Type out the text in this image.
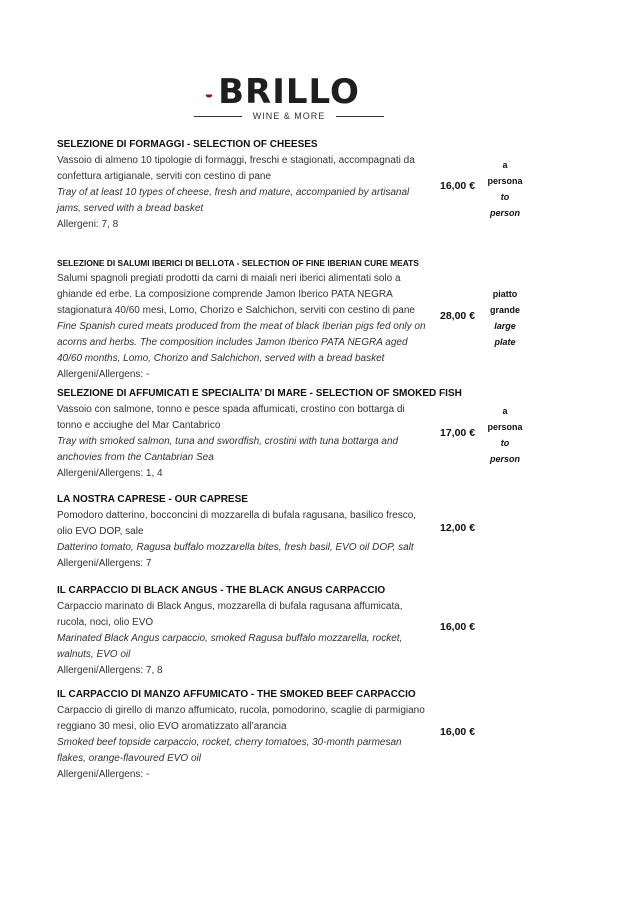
BRILLO
WINE & MORE
SELEZIONE DI FORMAGGI - SELECTION OF CHEESES
Vassoio di almeno 10 tipologie di formaggi, freschi e stagionati, accompagnati da confettura artigianale, serviti con cestino di pane
Tray of at least 10 types of cheese, fresh and mature, accompanied by artisanal jams, served with a bread basket
Allergeni: 7, 8
16,00 €
a
persona
to
person
SELEZIONE DI SALUMI IBERICI DI BELLOTA - SELECTION OF FINE IBERIAN CURE MEATS
Salumi spagnoli pregiati prodotti da carni di maiali neri iberici alimentati solo a ghiande ed erbe. La composizione comprende Jamon Iberico PATA NEGRA stagionatura 40/60 mesi, Lomo, Chorizo e Salchichon, serviti con cestino di pane
Fine Spanish cured meats produced from the meat of black Iberian pigs fed only on acorns and herbs. The composition includes Jamon Iberico PATA NEGRA aged 40/60 months, Lomo, Chorizo and Salchichon, served with a bread basket
Allergeni/Allergens: -
28,00 €
piatto
grande
large
plate
SELEZIONE DI AFFUMICATI E SPECIALITA’ DI MARE - SELECTION OF SMOKED FISH
Vassoio con salmone, tonno e pesce spada affumicati, crostino con bottarga di tonno e acciughe del Mar Cantabrico
Tray with smoked salmon, tuna and swordfish, crostini with tuna bottarga and anchovies from the Cantabrian Sea
Allergeni/Allergens: 1, 4
17,00 €
a
persona
to
person
LA NOSTRA CAPRESE - OUR CAPRESE
Pomodoro datterino, bocconcini di mozzarella di bufala ragusana, basilico fresco, olio EVO DOP, sale
Datterino tomato, Ragusa buffalo mozzarella bites, fresh basil, EVO oil DOP, salt
Allergeni/Allergens: 7
12,00 €
IL CARPACCIO DI BLACK ANGUS - THE BLACK ANGUS CARPACCIO
Carpaccio marinato di Black Angus, mozzarella di bufala ragusana affumicata, rucola, noci, olio EVO
Marinated Black Angus carpaccio, smoked Ragusa buffalo mozzarella, rocket, walnuts, EVO oil
Allergeni/Allergens: 7, 8
16,00 €
IL CARPACCIO DI MANZO AFFUMICATO - THE SMOKED BEEF CARPACCIO
Carpaccio di girello di manzo affumicato, rucola, pomodorino, scaglie di parmigiano reggiano 30 mesi, olio EVO aromatizzato all’arancia
Smoked beef topside carpaccio, rocket, cherry tomatoes, 30-month parmesan flakes, orange-flavoured EVO oil
Allergeni/Allergens: -
16,00 €
